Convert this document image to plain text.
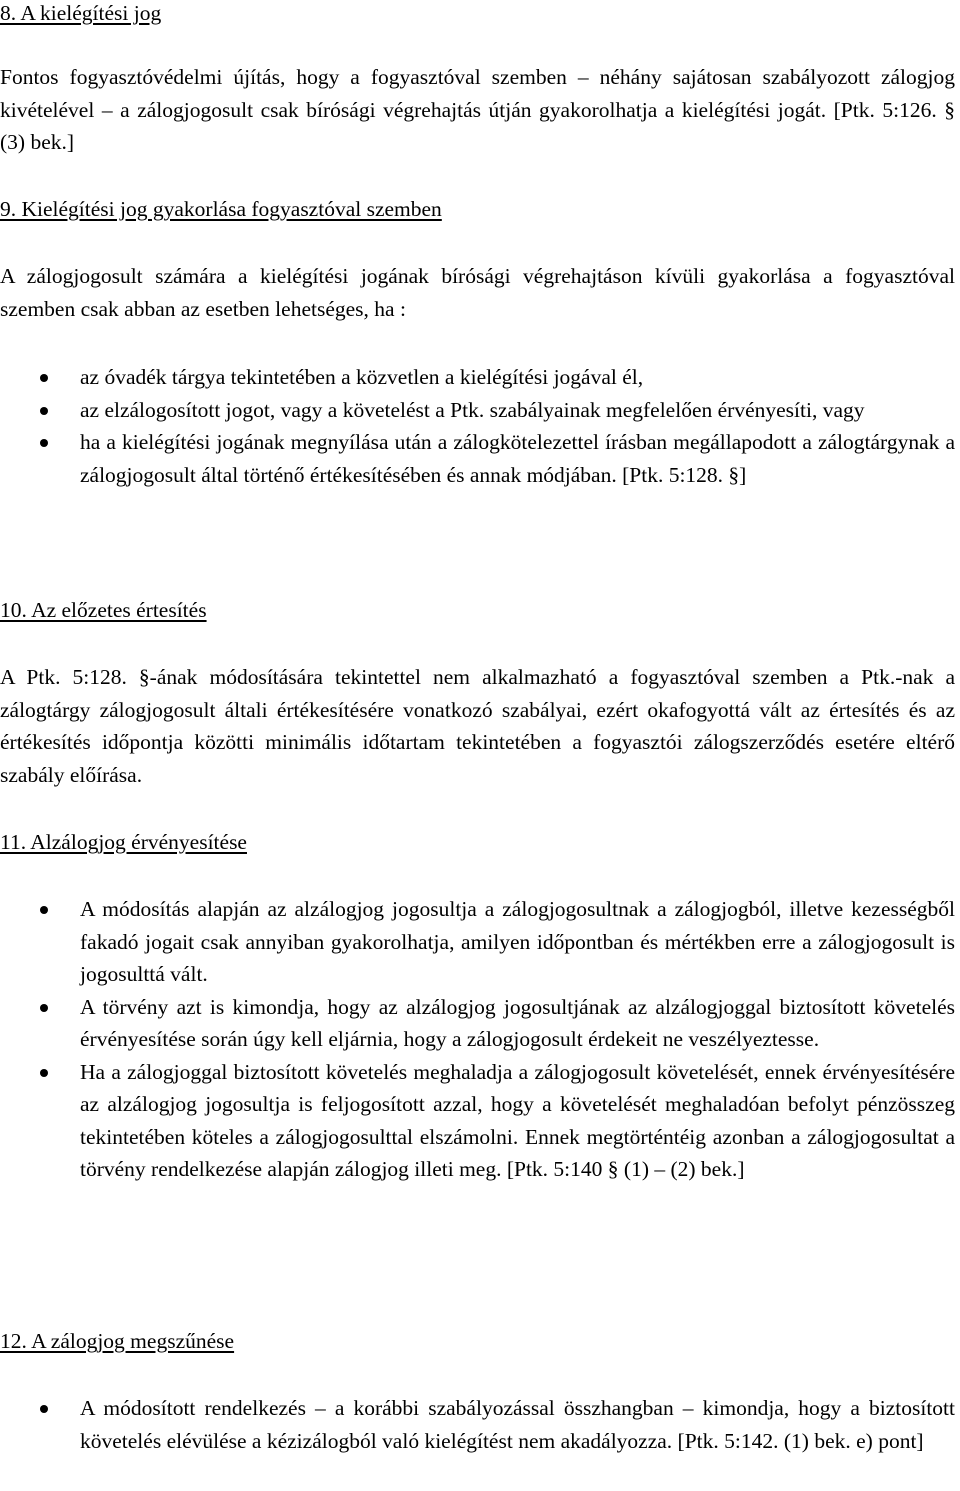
8. A kielégítési jog

Fontos fogyasztóvédelmi újítás, hogy a fogyasztóval szemben – néhány sajátosan szabályozott zálogjog kivételével – a zálogjogosult csak bírósági végrehajtás útján gyakorolhatja a kielégítési jogát. [Ptk. 5:126. § (3) bek.]

9. Kielégítési jog gyakorlása fogyasztóval szemben

A zálogjogosult számára a kielégítési jogának bírósági végrehajtáson kívüli gyakorlása a fogyasztóval szemben csak abban az esetben lehetséges, ha :

az óvadék tárgya tekintetében a közvetlen a kielégítési jogával él,
az elzálogosított jogot, vagy a követelést a Ptk. szabályainak megfelelően érvényesíti, vagy
ha a kielégítési jogának megnyílása után a zálogkötelezettel írásban megállapodott a zálogtárgynak a zálogjogosult által történő értékesítésében és annak módjában. [Ptk. 5:128. §]
10. Az előzetes értesítés

A Ptk. 5:128. §-ának módosítására tekintettel nem alkalmazható a fogyasztóval szemben a Ptk.-nak a zálogtárgy zálogjogosult általi értékesítésére vonatkozó szabályai, ezért okafogyottá vált az értesítés és az értékesítés időpontja közötti minimális időtartam tekintetében a fogyasztói zálogszerződés esetére eltérő szabály előírása.

11. Alzálogjog érvényesítése
A módosítás alapján az alzálogjog jogosultja a zálogjogosultnak a zálogjogból, illetve kezességből fakadó jogait csak annyiban gyakorolhatja, amilyen időpontban és mértékben erre a zálogjogosult is jogosulttá vált.
A törvény azt is kimondja, hogy az alzálogjog jogosultjának az alzálogjoggal biztosított követelés érvényesítése során úgy kell eljárnia, hogy a zálogjogosult érdekeit ne veszélyeztesse.
Ha a zálogjoggal biztosított követelés meghaladja a zálogjogosult követelését, ennek érvényesítésére az alzálogjog jogosultja is feljogosított azzal, hogy a követelését meghaladóan befolyt pénzösszeg tekintetében köteles a zálogjogosulttal elszámolni. Ennek megtörténtéig azonban a zálogjogosultat a törvény rendelkezése alapján zálogjog illeti meg. [Ptk. 5:140 § (1) – (2) bek.]
12. A zálogjog megszűnése
A módosított rendelkezés – a korábbi szabályozással összhangban – kimondja, hogy a biztosított követelés elévülése a kézizálogból való kielégítést nem akadályozza. [Ptk. 5:142. (1) bek. e) pont]
